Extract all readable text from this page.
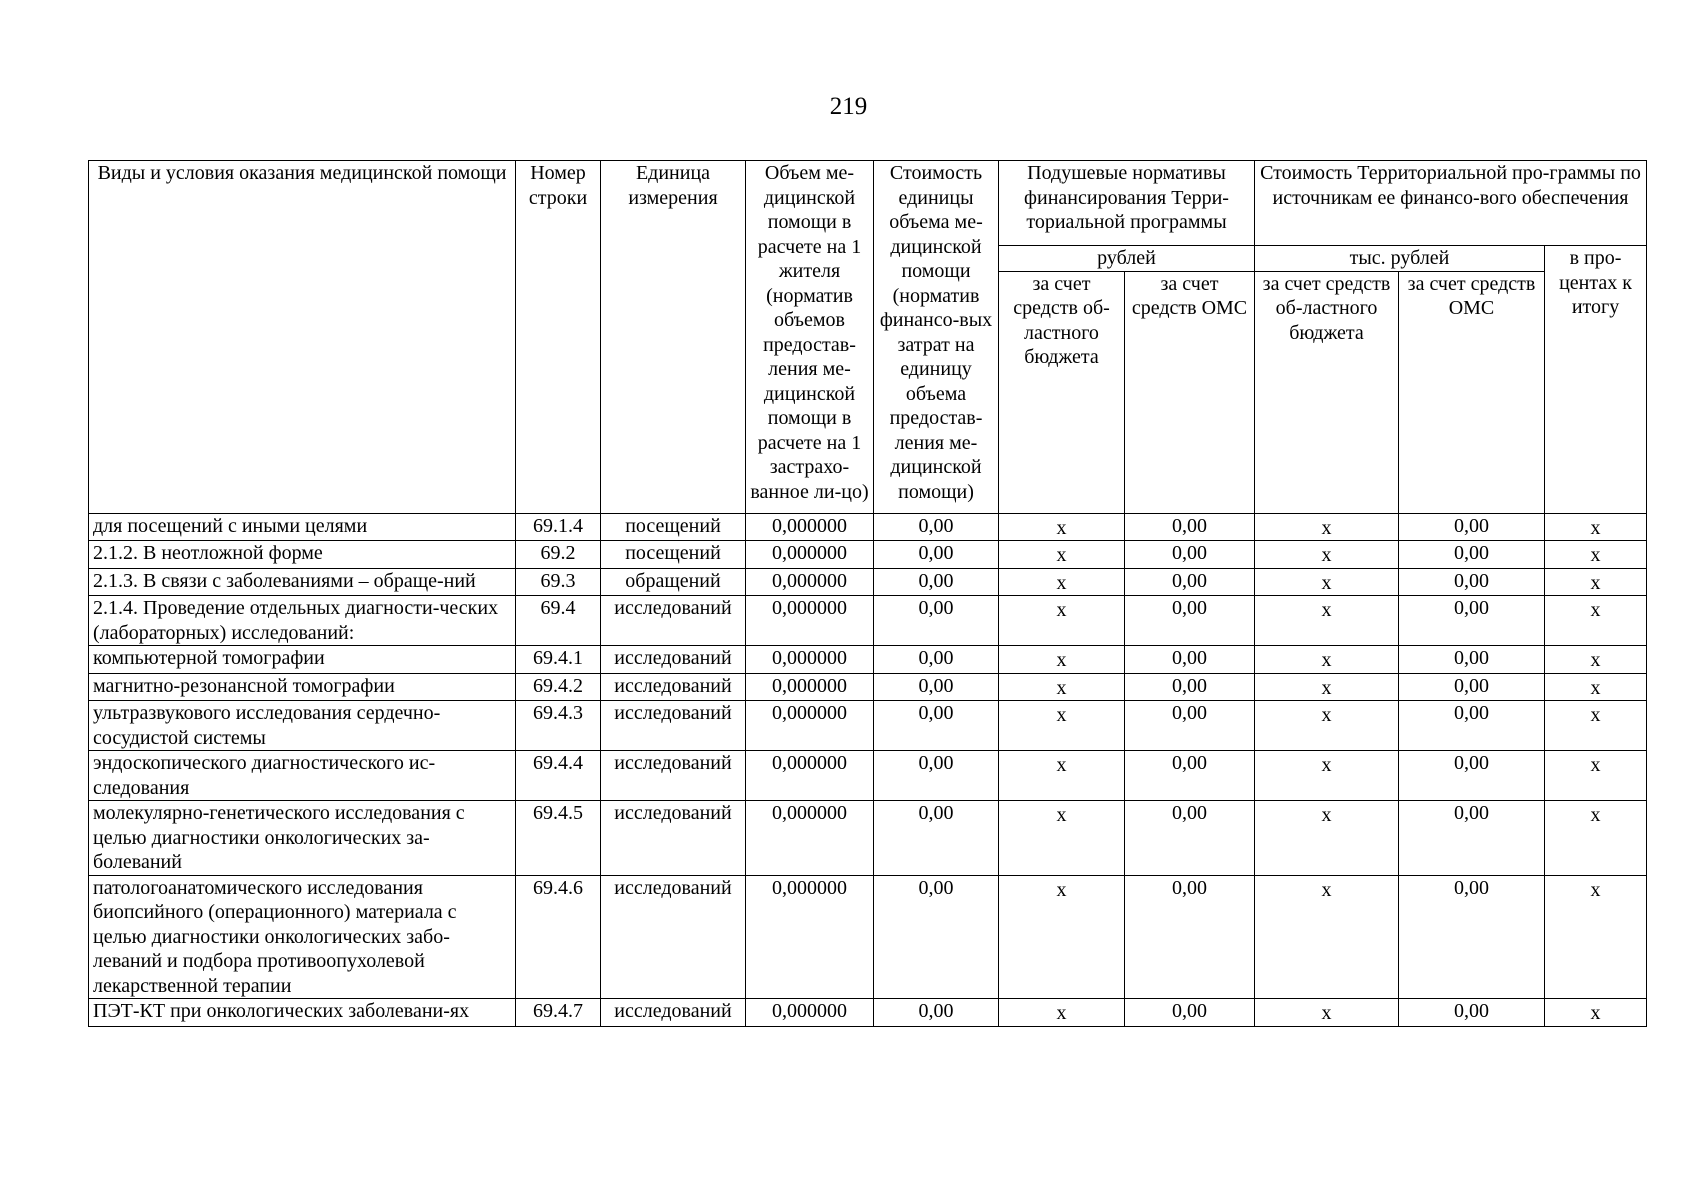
219
Виды и условия оказания медицинской помощи	Номер строки	Единица измерения	Объем ме-дицинской помощи в расчете на 1 жителя (норматив объемов предостав-ления ме-дицинской помощи в расчете на 1 застрахо-ванное ли-цо)	Стоимость единицы объема ме-дицинской помощи (норматив финансо-вых затрат на единицу объема предостав-ления ме-дицинской помощи)	Подушевые нормативы финансирования Терри-ториальной программы		Стоимость Территориальной про-граммы по источникам ее финансо-вого обеспечения		
					рублей		тыс. рублей		в про-центах к итогу
					за счет средств об-ластного бюджета	за счет средств ОМС	за счет средств об-ластного бюджета	за счет средств ОМС	

для посещений с иными целями	69.1.4	посещений	0,000000	0,00	x	0,00	x	0,00	x
2.1.2. В неотложной форме	69.2	посещений	0,000000	0,00	x	0,00	x	0,00	x
2.1.3. В связи с заболеваниями – обраще-ний	69.3	обращений	0,000000	0,00	x	0,00	x	0,00	x
2.1.4. Проведение отдельных диагности-ческих (лабораторных) исследований:	69.4	исследований	0,000000	0,00	x	0,00	x	0,00	x
компьютерной томографии	69.4.1	исследований	0,000000	0,00	x	0,00	x	0,00	x
магнитно-резонансной томографии	69.4.2	исследований	0,000000	0,00	x	0,00	x	0,00	x
ультразвукового исследования сердечно-сосудистой системы	69.4.3	исследований	0,000000	0,00	x	0,00	x	0,00	x
эндоскопического диагностического ис-следования	69.4.4	исследований	0,000000	0,00	x	0,00	x	0,00	x
молекулярно-генетического исследования с целью диагностики онкологических за-болеваний	69.4.5	исследований	0,000000	0,00	x	0,00	x	0,00	x
патологоанатомического исследования биопсийного (операционного) материала с целью диагностики онкологических забо-леваний и подбора противоопухолевой лекарственной терапии	69.4.6	исследований	0,000000	0,00	x	0,00	x	0,00	x
ПЭТ-КТ при онкологических заболевани-ях	69.4.7	исследований	0,000000	0,00	x	0,00	x	0,00	x
